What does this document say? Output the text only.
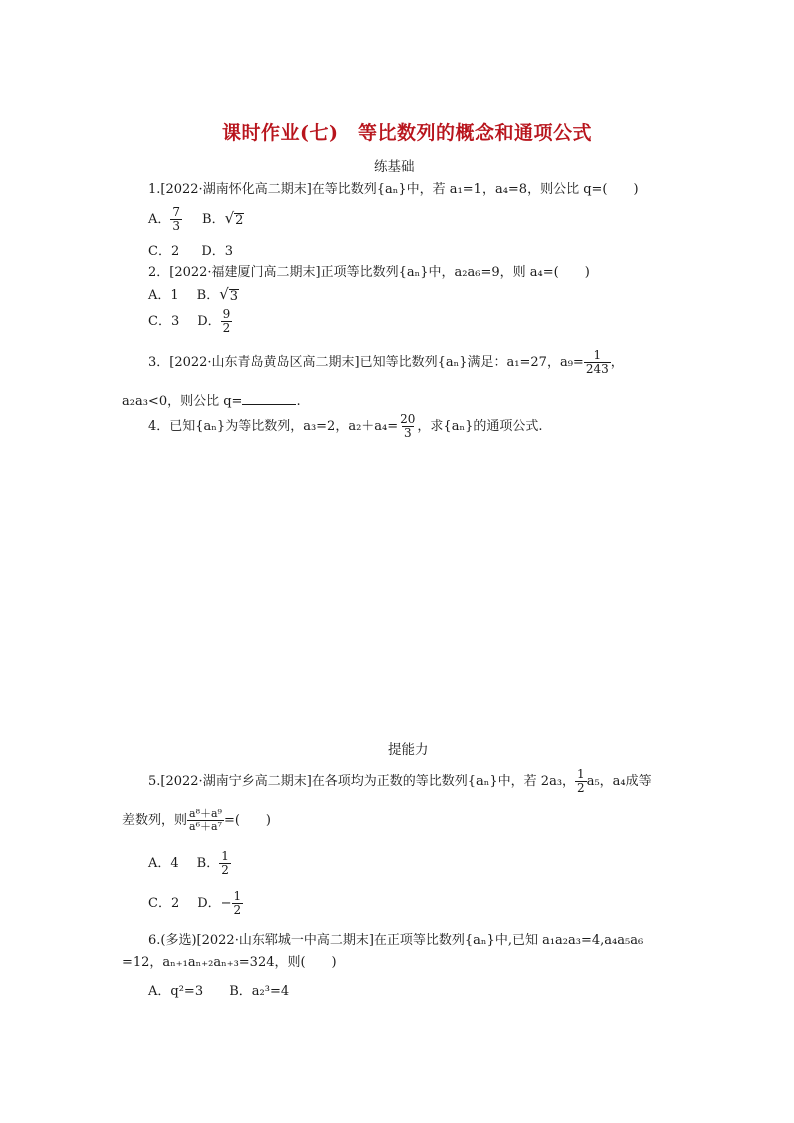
课时作业(七)　等比数列的概念和通项公式
练基础
1.[2022·湖南怀化高二期末]在等比数列{aₙ}中，若 a₁=1，a₄=8，则公比 q=(　　)
A． $\frac{7}{3}$ B． √ 2
C．2 D．3
2．[2022·福建厦门高二期末]正项等比数列{aₙ}中，a₂a₆=9，则 a₄=(　　)
A．1 B． √ 3
C．3 D． $\frac{9}{2}$
3．[2022·山东青岛黄岛区高二期末]已知等比数列{aₙ}满足：a₁=27，$a_9= \frac{1}{243}$ ，
a₂a₃<0，则公比 q=	.
4．已知{aₙ}为等比数列，a₃=2，$a_2+a_4= \frac{20}{3}$ ，求{aₙ}的通项公式.
提能力
5.[2022·湖南宁乡高二期末]在各项均为正数的等比数列{aₙ}中，若 2a₃， $\frac{1}{2} a_5$，a₄成等
差数列，则 $\frac{\text{a⁸＋a⁹}}{\text{a⁶＋a⁷}}$ =(　　)
A．4 B． $\frac{1}{2}$
C．2 D．− $\frac{1}{2}$
6.(多选)[2022·山东郓城一中高二期末]在正项等比数列{aₙ}中,已知 a₁a₂a₃=4,a₄a₅a₆
=12，aₙ₊₁aₙ₊₂aₙ₊₃=324，则(　　)
A．q²=3 B．a₂³=4
